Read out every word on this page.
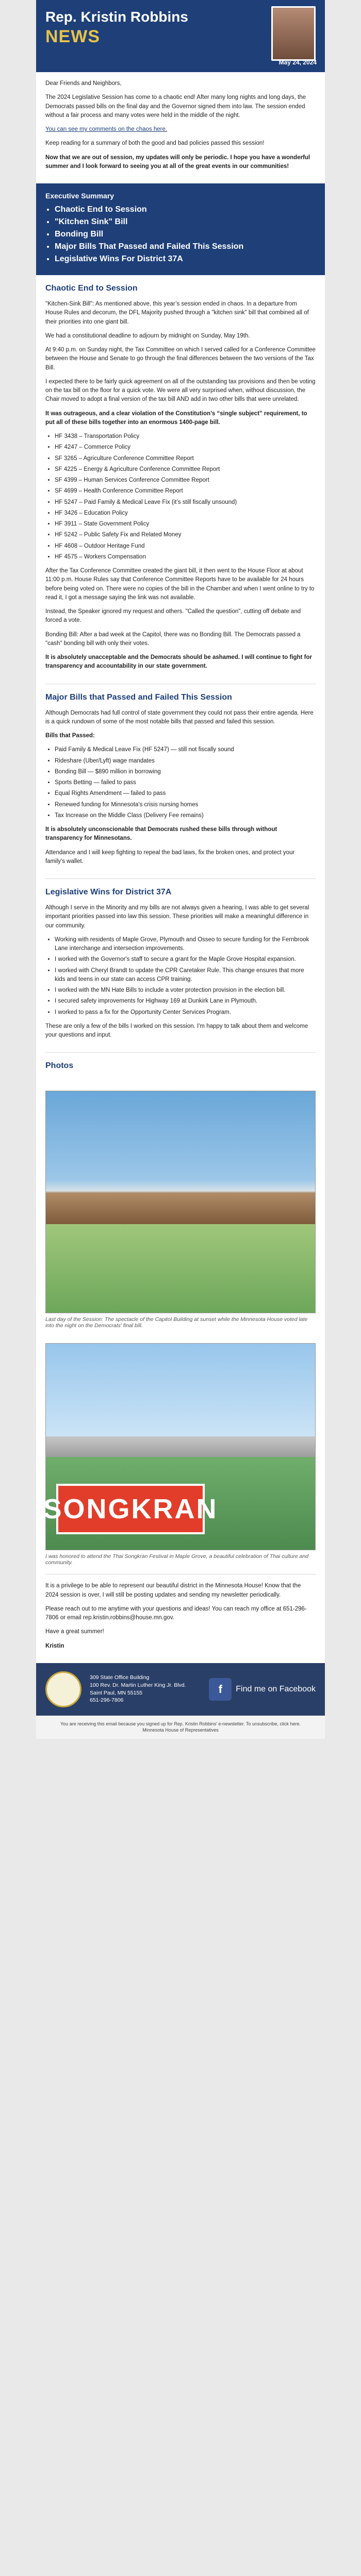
Rep. Kristin Robbins
NEWS
May 24, 2024

Dear Friends and Neighbors,

The 2024 Legislative Session has come to a chaotic end! After many long nights and long days, the Democrats passed bills on the final day and the Governor signed them into law. The session ended without a fair process and many votes were held in the middle of the night.

You can see my comments on the chaos here.

Keep reading for a summary of both the good and bad policies passed this session!

Now that we are out of session, my updates will only be periodic. I hope you have a wonderful summer and I look forward to seeing you at all of the great events in our communities!

Executive Summary
• Chaotic End to Session
• "Kitchen Sink" Bill
• Bonding Bill
• Major Bills That Passed and Failed This Session
• Legislative Wins For District 37A
Chaotic End to Session

"Kitchen-Sink Bill": As mentioned above, this year’s session ended in chaos. In a departure from House Rules and decorum, the DFL Majority pushed through a "kitchen sink" bill that combined all of their priorities into one giant bill.

We had a constitutional deadline to adjourn by midnight on Sunday, May 19th.

At 9:40 p.m. on Sunday night, the Tax Committee on which I served called for a Conference Committee between the House and Senate to go through the final differences between the two versions of the Tax Bill.

I expected there to be fairly quick agreement on all of the outstanding tax provisions and then be voting on the tax bill on the floor for a quick vote. We were all very surprised when, without discussion, the Chair moved to adopt a final version of the tax bill AND add in two other bills that were unrelated.

It was outrageous, and a clear violation of the Constitution’s “single subject” requirement, to put all of these bills together into an enormous 1400-page bill.

• HF 3438 – Transportation Policy
• HF 4247 – Commerce Policy
• SF 3265 – Agriculture Conference Committee Report
• SF 4225 – Energy & Agriculture Conference Committee Report
• SF 4399 – Human Services Conference Committee Report
• SF 4699 – Health Conference Committee Report
• HF 5247 – Paid Family & Medical Leave Fix (it’s still fiscally unsound)
• HF 3426 – Education Policy
• HF 3911 – State Government Policy
• HF 5242 – Public Safety Fix and Related Money
• HF 4608 – Outdoor Heritage Fund
• HF 4575 – Workers Compensation

After the Tax Conference Committee created the giant bill, it then went to the House Floor at about 11:00 p.m. House Rules say that Conference Committee Reports have to be available for 24 hours before being voted on. There were no copies of the bill in the Chamber and when I went online to try to read it, I got a message saying the link was not available.

Instead, the Speaker ignored my request and others. "Called the question", cutting off debate and forced a vote.

Bonding Bill: After a bad week at the Capitol, there was no Bonding Bill. The Democrats passed a "cash" bonding bill with only their votes.

It is absolutely unacceptable and the Democrats should be ashamed. I will continue to fight for transparency and accountability in our state government.

Major Bills that Passed and Failed This Session

Although Democrats had full control of state government they could not pass their entire agenda. Here is a quick rundown of some of the most notable bills that passed and failed this session.

Bills that Passed:

• Paid Family & Medical Leave Fix (HF 5247) — still not fiscally sound
• Rideshare (Uber/Lyft) wage mandates
• Bonding Bill — $890 million in borrowing
• Sports Betting — failed to pass
• Equal Rights Amendment — failed to pass
• Renewed funding for Minnesota's crisis nursing homes
• Tax Increase on the Middle Class (Delivery Fee remains)

It is absolutely unconscionable that Democrats rushed these bills through without transparency for Minnesotans.

Attendance and I will keep fighting to repeal the bad laws, fix the broken ones, and protect your family's wallet.

Legislative Wins for District 37A

Although I serve in the Minority and my bills are not always given a hearing, I was able to get several important priorities passed into law this session. These priorities will make a meaningful difference in our community.

• Working with residents of Maple Grove, Plymouth and Osseo to secure funding for the Fernbrook Lane interchange and intersection improvements.
• I worked with the Governor's staff to secure a grant for the Maple Grove Hospital expansion.
• I worked with Cheryl Brandt to update the CPR Caretaker Rule. This change ensures that more kids and teens in our state can access CPR training.
• I worked with the MN Hate Bills to include a voter protection provision in the election bill.
• I secured safety improvements for Highway 169 at Dunkirk Lane in Plymouth.
• I worked to pass a fix for the Opportunity Center Services Program.

These are only a few of the bills I worked on this session. I'm happy to talk about them and welcome your questions and input.

Photos
Last day of the Session: The spectacle of the Capitol Building at sunset while the Minnesota House voted late into the night on the Democrats' final bill.
SONGKRAN
I was honored to attend the Thai Songkran Festival in Maple Grove, a beautiful celebration of Thai culture and community.

It is a privilege to be able to represent our beautiful district in the Minnesota House! Know that the 2024 session is over, I will still be posting updates and sending my newsletter periodically.

Please reach out to me anytime with your questions and ideas! You can reach my office at 651-296-7806 or email rep.kristin.robbins@house.mn.gov.

Have a great summer!

Kristin

309 State Office Building
100 Rev. Dr. Martin Luther King Jr. Blvd.
Saint Paul, MN 55155
651-296-7806
f	Find me on Facebook
You are receiving this email because you signed up for Rep. Kristin Robbins' e-newsletter. To unsubscribe, click here.
Minnesota House of Representatives
